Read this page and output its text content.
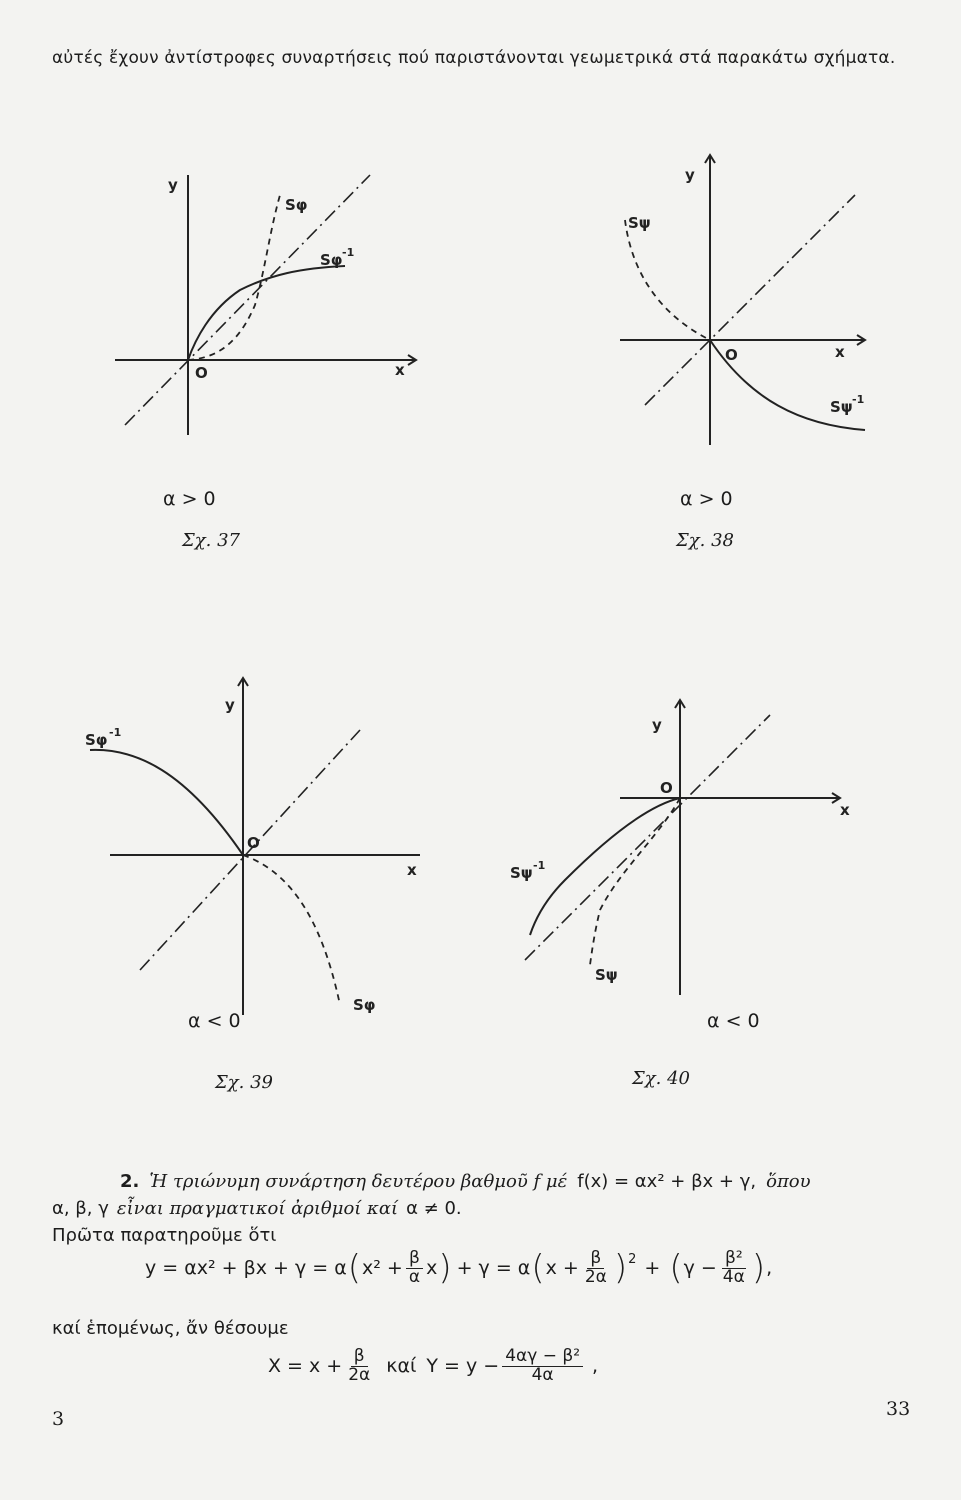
αὐτές ἔχουν ἀντίστροφες συναρτήσεις πού παριστάνονται γεωμετρικά στά παρακάτω σχήματα.
y
x
O
Sφ
Sφ -1
α > 0
Σχ. 37
y
x
O
Sψ
Sψ -1
α > 0
Σχ. 38
y
x
O
Sφ -1
Sφ
α < 0
Σχ. 39
y
x
O
Sψ -1
Sψ
α < 0
Σχ. 40
2. Ἡ τριώνυμη συνάρτηση δευτέρου βαθμοῦ f μέ f(x) = αx² + βx + γ, ὅπου
α, β, γ εἶναι πραγματικοί ἀριθμοί καί α ≠ 0.
Πρῶτα παρατηροῦμε ὅτι
y = αx² + βx + γ = α ( $x^2 + \frac{\beta}{\alpha}$ x ) + γ = α ( $x + \frac{\beta}{2\alpha} )^2$ + ( $\gamma - \frac{\text{β²}}{4\alpha}$ ) ,
καί ἑπομένως, ἄν θέσουμε
$X = x + \frac{\beta}{2\alpha}$ καί $Y = y - \frac{\text{4αγ − β²}}{4\alpha}$ ,
3	33
